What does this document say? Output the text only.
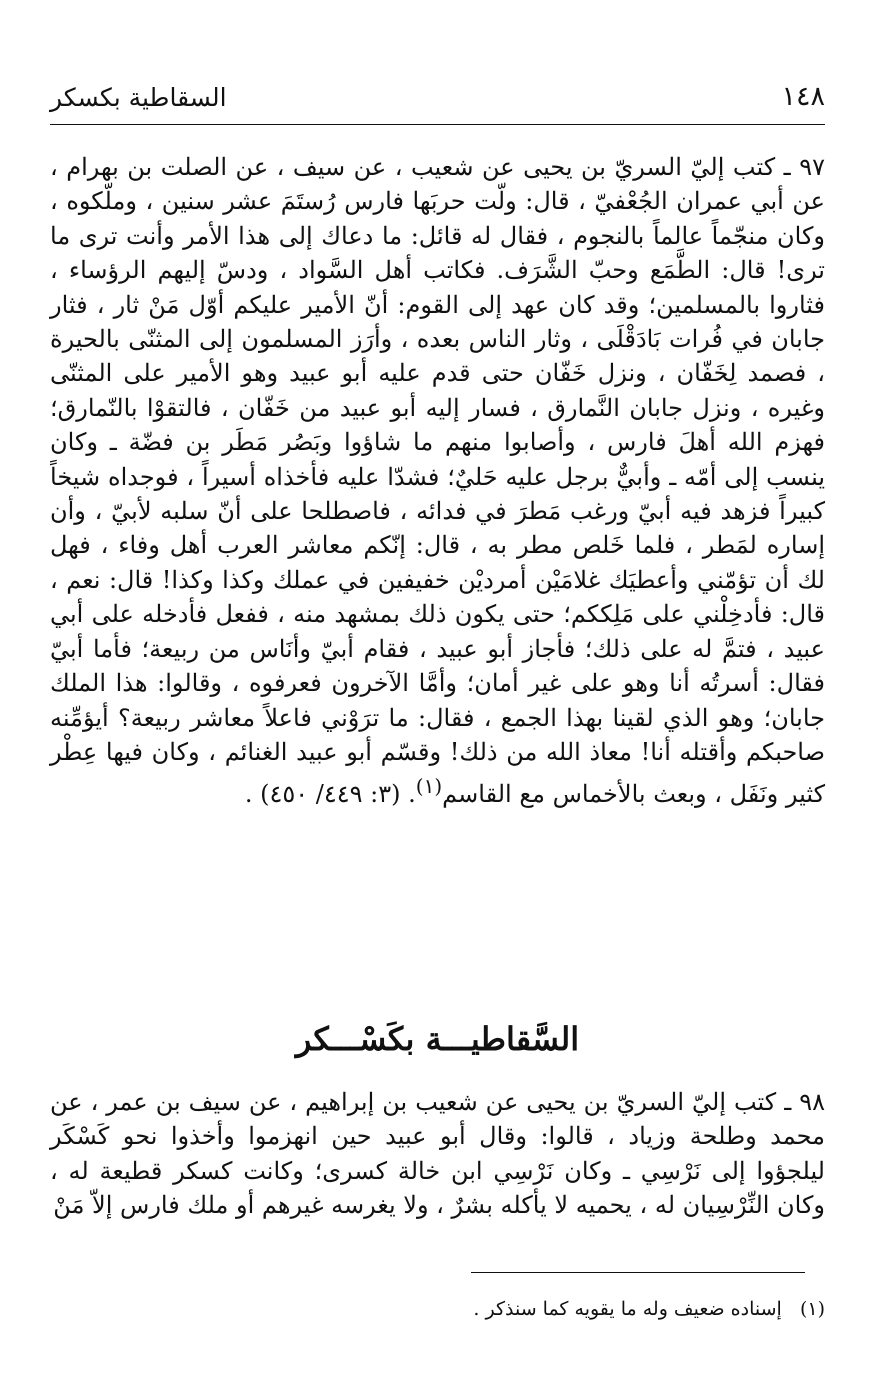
١٤٨
السقاطية بكسكر

٩٧ ـ كتب إليّ السريّ بن يحيى عن شعيب ، عن سيف ، عن الصلت بن بهرام ، عن أبي عمران الجُعْفيّ ، قال: ولّت حربَها فارس رُستَمَ عشر سنين ، وملّكوه ، وكان منجّماً عالماً بالنجوم ، فقال له قائل: ما دعاك إلى هذا الأمر وأنت ترى ما ترى! قال: الطَّمَع وحبّ الشَّرَف. فكاتب أهل السَّواد ، ودسّ إليهم الرؤساء ، فثاروا بالمسلمين؛ وقد كان عهد إلى القوم: أنّ الأمير عليكم أوّل مَنْ ثار ، فثار جابان في فُرات بَادَقْلَى ، وثار الناس بعده ، وأرَز المسلمون إلى المثنّى بالحيرة ، فصمد لِخَفّان ، ونزل خَفّان حتى قدم عليه أبو عبيد وهو الأمير على المثنّى وغيره ، ونزل جابان النَّمارق ، فسار إليه أبو عبيد من خَفّان ، فالتقوْا بالنّمارق؛ فهزم الله أهلَ فارس ، وأصابوا منهم ما شاؤوا وبَصُر مَطَر بن فضّة ـ وكان ينسب إلى أمّه ـ وأبيٌّ برجل عليه حَليٌ؛ فشدّا عليه فأخذاه أسيراً ، فوجداه شيخاً كبيراً فزهد فيه أبيّ ورغب مَطرَ في فدائه ، فاصطلحا على أنّ سلبه لأبيّ ، وأن إساره لمَطر ، فلما خَلص مطر به ، قال: إنّكم معاشر العرب أهل وفاء ، فهل لك أن تؤمّني وأعطيَك غلامَيْن أمرديْن خفيفين في عملك وكذا وكذا! قال: نعم ، قال: فأدخِلْني على مَلِككم؛ حتى يكون ذلك بمشهد منه ، ففعل فأدخله على أبي عبيد ، فتمَّ له على ذلك؛ فأجاز أبو عبيد ، فقام أبيّ وأنَاس من ربيعة؛ فأما أبيّ فقال: أسرتُه أنا وهو على غير أمان؛ وأمَّا الآخرون فعرفوه ، وقالوا: هذا الملك جابان؛ وهو الذي لقينا بهذا الجمع ، فقال: ما ترَوْني فاعلاً معاشر ربيعة؟ أيؤمِّنه صاحبكم وأقتله أنا! معاذ الله من ذلك! وقسّم أبو عبيد الغنائم ، وكان فيها عِطْر كثير ونَفَل ، وبعث بالأخماس مع القاسم$^{(١)}$. (٣: ٤٤٩/ ٤٥٠) .

السَّقاطيـــة بكَسْـــكر

٩٨ ـ كتب إليّ السريّ بن يحيى عن شعيب بن إبراهيم ، عن سيف بن عمر ، عن محمد وطلحة وزياد ، قالوا: وقال أبو عبيد حين انهزموا وأخذوا نحو كَسْكَر ليلجؤوا إلى نَرْسِي ـ وكان نَرْسِي ابن خالة كسرى؛ وكانت كسكر قطيعة له ، وكان النِّرْسِيان له ، يحميه لا يأكله بشرٌ ، ولا يغرسه غيرهم أو ملك فارس إلاّ مَنْ

(١)   إسناده ضعيف وله ما يقويه كما سنذكر .
